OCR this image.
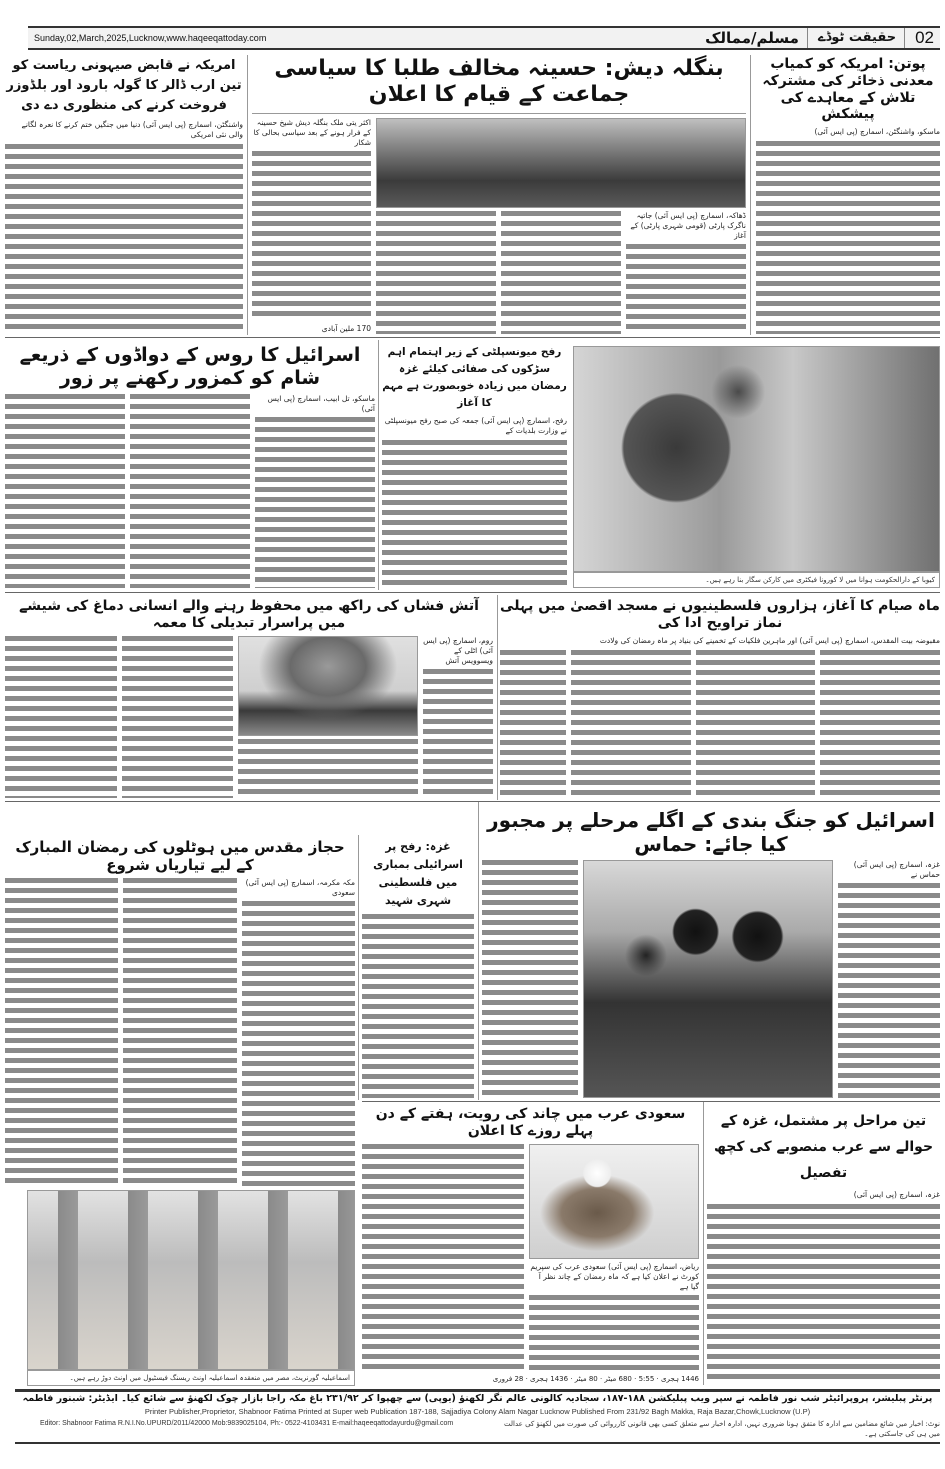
02
حقیقت ٹوڈے
مسلم/ممالک
Sunday,02,March,2025,Lucknow,www.haqeeqattoday.com
پوتن: امریکہ کو کمیاب معدنی ذخائر کی مشترکہ تلاش کے معاہدے کی پیشکش
ماسکو، واشنگٹن، اسمارچ (پی ایس آئی)
بنگلہ دیش: حسینہ مخالف طلبا کا سیاسی جماعت کے قیام کا اعلان
ڈھاکہ، اسمارچ (پی ایس آئی) جاتیہ ناگرک پارٹی (قومی شہری پارٹی) کے آغاز
اکثر یتی ملک بنگلہ دیش شیخ حسینہ کے فرار ہونے کے بعد سیاسی بحالی کا شکار
170 ملین آبادی
امریکہ نے قابض صیہونی ریاست کو تین ارب ڈالر کا گولہ بارود اور بلڈوزر فروخت کرنے کی منظوری دے دی
واشنگٹن، اسمارچ (پی ایس آئی) دنیا میں جنگیں ختم کرنے کا نعرہ لگانے والی نئی امریکی
اسرائیل کا روس کے دواڈوں کے ذریعے شام کو کمزور رکھنے پر زور
ماسکو، تل ابیب، اسمارچ (پی ایس آئی)
رفح میونسپلٹی کے زیر اہتمام اہم سڑکوں کی صفائی کیلئے غزہ رمضان میں زیادہ خوبصورت ہے مہم کا آغاز
رفح، اسمارچ (پی ایس آئی) جمعہ کی صبح رفح میونسپلٹی نے وزارت بلدیات کے
کیوبا کے دارالحکومت ہوانا میں لا کورونا فیکٹری میں کارکن سگار بنا رہے ہیں۔
ماہ صیام کا آغاز، ہزاروں فلسطینیوں نے مسجد اقصیٰ میں پہلی نماز تراویح ادا کی
مقبوضہ بیت المقدس، اسمارچ (پی ایس آئی) اور ماہرین فلکیات کے تخمینے کی بنیاد پر ماہ رمضان کی ولادت
آتش فشاں کی راکھ میں محفوظ رہنے والے انسانی دماغ کی شیشے میں پراسرار تبدیلی کا معمہ
روم، اسمارچ (پی ایس آئی) اٹلی کے ویسوویس آتش
اسرائیل کو جنگ بندی کے اگلے مرحلے پر مجبور کیا جائے: حماس
غزہ، اسمارچ (پی ایس آئی) حماس نے
غزہ: رفح پر اسرائیلی بمباری میں فلسطینی شہری شہید
حجاز مقدس میں ہوٹلوں کی رمضان المبارک کے لیے تیاریاں شروع
مکہ مکرمہ، اسمارچ (پی ایس آئی) سعودی
اسماعیلیہ گورنریٹ، مصر میں منعقدہ اسماعیلیہ اونٹ ریسنگ فیسٹیول میں اونٹ دوڑ رہے ہیں۔
سعودی عرب میں چاند کی رویت، ہفتے کے دن پہلے روزے کا اعلان
ریاض، اسمارچ (پی ایس آئی) سعودی عرب کی سپریم کورٹ نے اعلان کیا ہے کہ ماہ رمضان کے چاند نظر آ گیا ہے
1446 ہجری · 5:55 · 680 میٹر · 80 میٹر · 1436 ہجری · 28 فروری
تین مراحل پر مشتمل، غزہ کے حوالے سے عرب منصوبے کی کچھ تفصیل
غزہ، اسمارچ (پی ایس آئی)
پرنٹر پبلیشر، پروپرائیٹر شب نور فاطمہ نے سپر ویب پبلیکشن ۱۸۸-۱۸۷، سجادیہ کالونی عالم نگر لکھنؤ (یوپی) سے چھپوا کر ۲۳۱/۹۲ باغ مکہ راجا بازار چوک لکھنؤ سے شائع کیا۔ ایڈیٹر: شبنور فاطمہ
Printer Publisher,Proprietor, Shabnoor Fatima Printed at Super web Publication 187-188, Sajjadiya Colony Alam Nagar Lucknow Published From 231/92 Bagh Makka, Raja Bazar,Chowk,Lucknow (U.P)
Editor: Shabnoor Fatima R.N.I.No.UPURD/2011/42000 Mob:9839025104, Ph:- 0522-4103431 E-mail:haqeeqattodayurdu@gmail.com	نوٹ: اخبار میں شائع مضامین سے ادارہ کا متفق ہونا ضروری نہیں، ادارہ اخبار سے متعلق کسی بھی قانونی کارروائی کی صورت میں لکھنؤ کی عدالت میں ہی کی جاسکتی ہے۔
